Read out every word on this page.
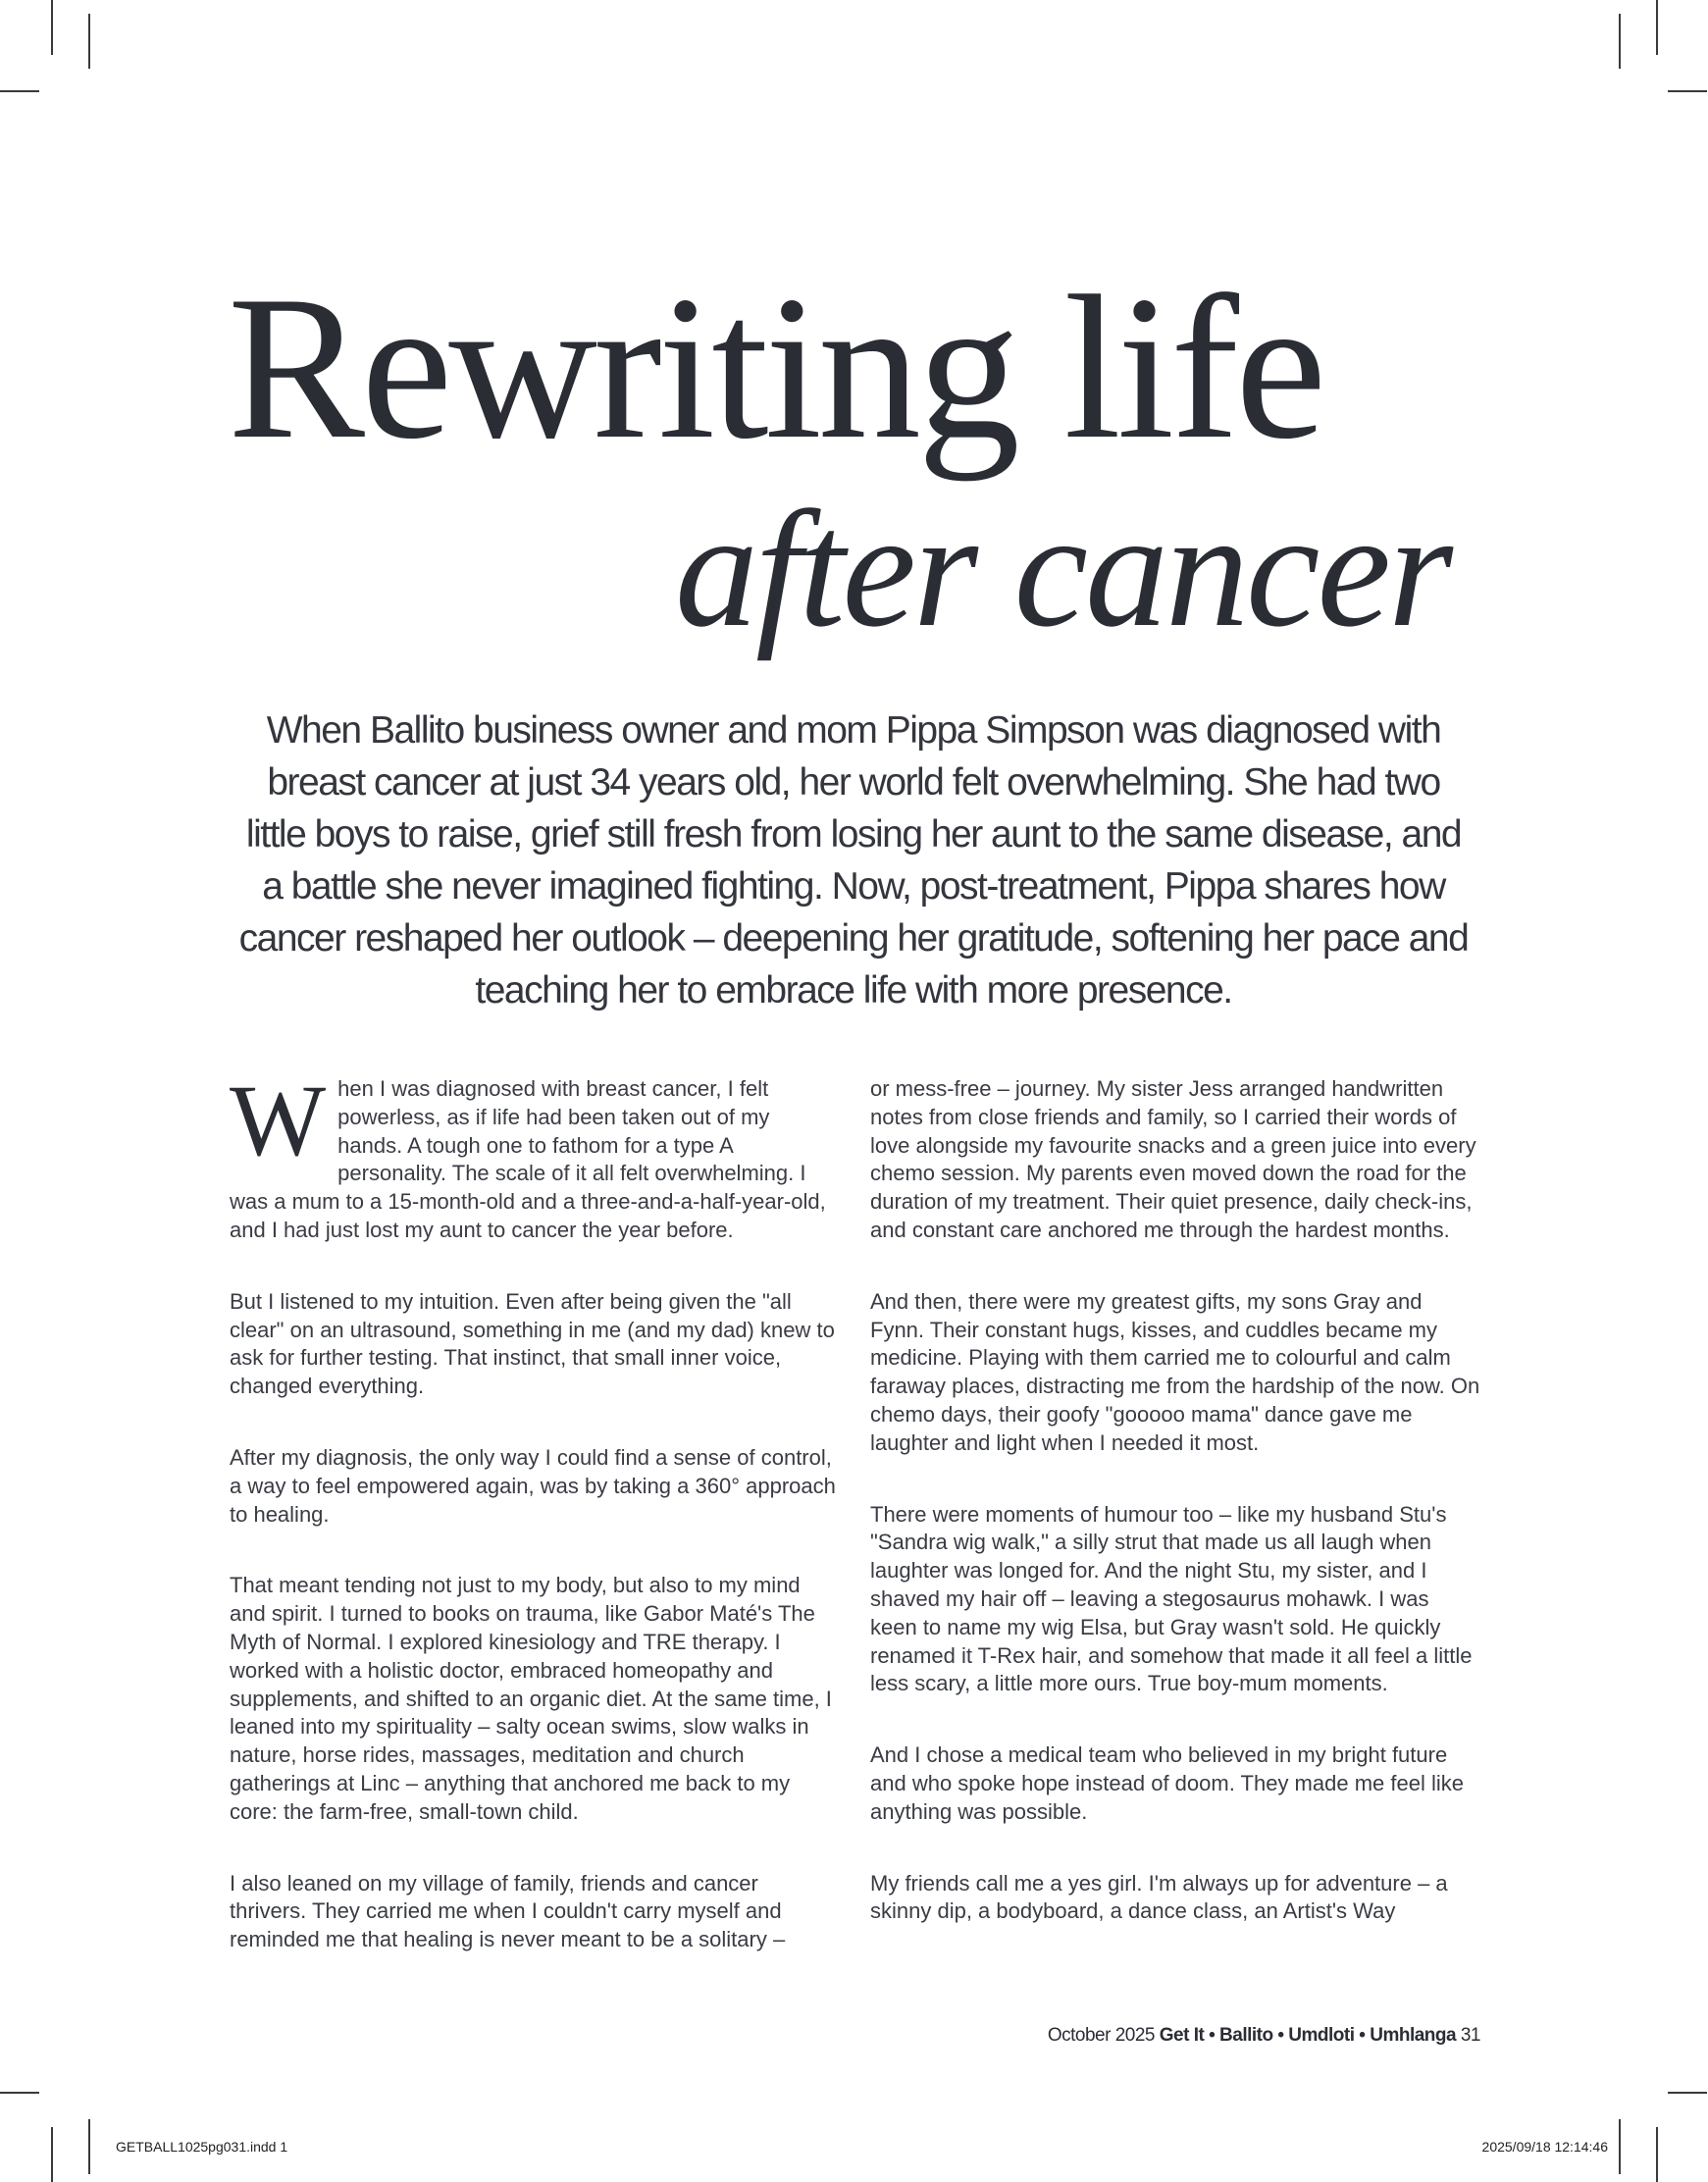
Rewriting life
after cancer

When Ballito business owner and mom Pippa Simpson was diagnosed with breast cancer at just 34 years old, her world felt overwhelming. She had two little boys to raise, grief still fresh from losing her aunt to the same disease, and a battle she never imagined fighting. Now, post-treatment, Pippa shares how cancer reshaped her outlook – deepening her gratitude, softening her pace and teaching her to embrace life with more presence.

When I was diagnosed with breast cancer, I felt powerless, as if life had been taken out of my hands. A tough one to fathom for a type A personality. The scale of it all felt overwhelming. I was a mum to a 15-month-old and a three-and-a-half-year-old, and I had just lost my aunt to cancer the year before.

But I listened to my intuition. Even after being given the "all clear" on an ultrasound, something in me (and my dad) knew to ask for further testing. That instinct, that small inner voice, changed everything.

After my diagnosis, the only way I could find a sense of control, a way to feel empowered again, was by taking a 360° approach to healing.

That meant tending not just to my body, but also to my mind and spirit. I turned to books on trauma, like Gabor Maté's The Myth of Normal. I explored kinesiology and TRE therapy. I worked with a holistic doctor, embraced homeopathy and supplements, and shifted to an organic diet. At the same time, I leaned into my spirituality – salty ocean swims, slow walks in nature, horse rides, massages, meditation and church gatherings at Linc – anything that anchored me back to my core: the farm-free, small-town child.

I also leaned on my village of family, friends and cancer thrivers. They carried me when I couldn't carry myself and reminded me that healing is never meant to be a solitary –

or mess-free – journey. My sister Jess arranged handwritten notes from close friends and family, so I carried their words of love alongside my favourite snacks and a green juice into every chemo session. My parents even moved down the road for the duration of my treatment. Their quiet presence, daily check-ins, and constant care anchored me through the hardest months.

And then, there were my greatest gifts, my sons Gray and Fynn. Their constant hugs, kisses, and cuddles became my medicine. Playing with them carried me to colourful and calm faraway places, distracting me from the hardship of the now. On chemo days, their goofy "gooooo mama" dance gave me laughter and light when I needed it most.

There were moments of humour too – like my husband Stu's "Sandra wig walk," a silly strut that made us all laugh when laughter was longed for. And the night Stu, my sister, and I shaved my hair off – leaving a stegosaurus mohawk. I was keen to name my wig Elsa, but Gray wasn't sold. He quickly renamed it T-Rex hair, and somehow that made it all feel a little less scary, a little more ours. True boy-mum moments.

And I chose a medical team who believed in my bright future and who spoke hope instead of doom. They made me feel like anything was possible.

My friends call me a yes girl. I'm always up for adventure – a skinny dip, a bodyboard, a dance class, an Artist's Way

October 2025 Get It • Ballito • Umdloti • Umhlanga 31
GETBALL1025pg031.indd 1	2025/09/18 12:14:46
